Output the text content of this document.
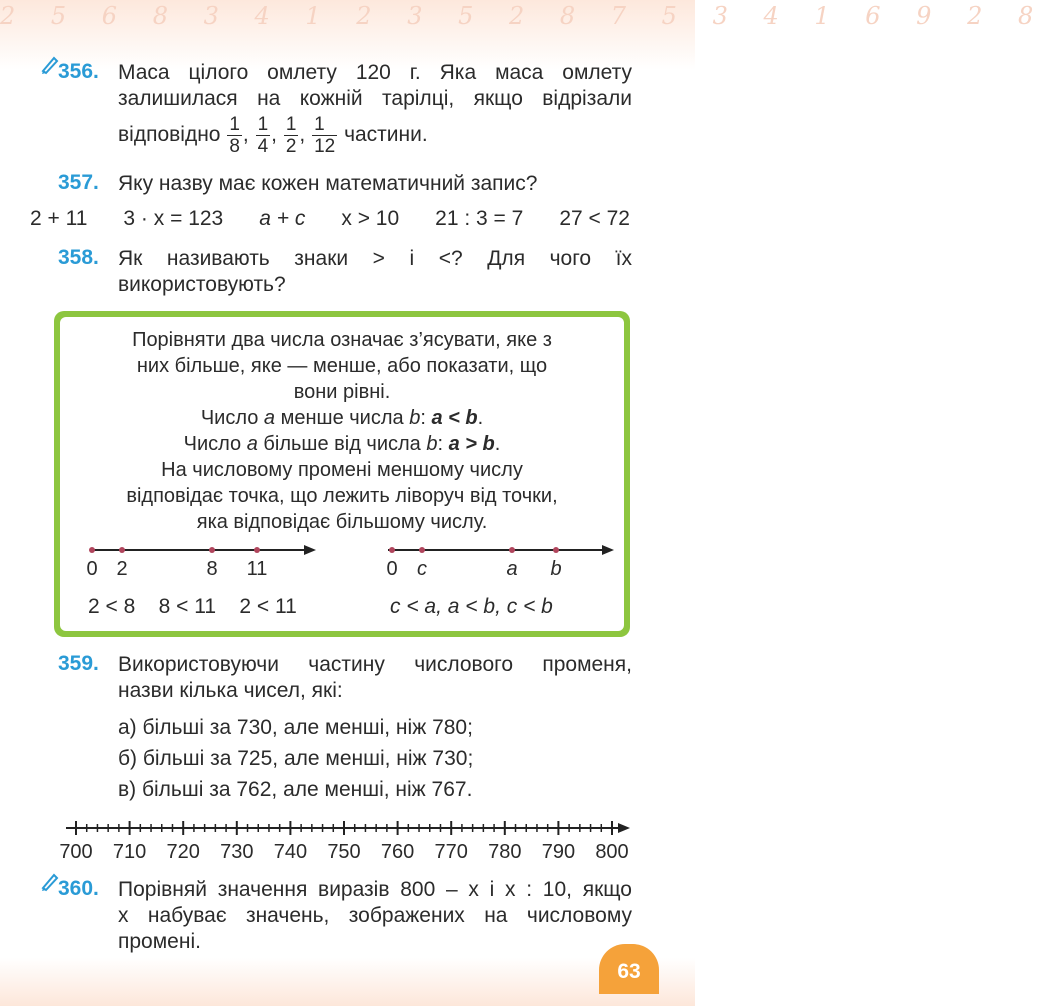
2 5 6 8 3 4 1 2 3 5 2 8 7 5 3 4 1 6 9 2 8
356. Маса цілого омлету 120 г. Яка маса омлету
залишилася на кожній тарілці, якщо відрізали
відповідно $\frac{1}{8}$ , $\frac{1}{4}$ , $\frac{1}{2}$ , $\frac{1}{12}$ частини.
357. Яку назву має кожен математичний запис?
2 + 11 3 · x = 123 a + c x > 10 21 : 3 = 7 27 < 72
358. Як називають знаки > і <? Для чого їх
використовують?
Порівняти два числа означає з’ясувати, яке з
них більше, яке — менше, або показати, що
вони рівні.
Число a менше числа b: a < b.
Число a більше від числа b: a > b.
На числовому промені меншому числу
відповідає точка, що лежить ліворуч від точки,
яка відповідає більшому числу.
0 2	8 11	0 c	a b
2 < 8    8 < 11    2 < 11	c < a, a < b, c < b
359. Використовуючи частину числового променя,
назви кілька чисел, які:
а) більші за 730, але менші, ніж 780;
б) більші за 725, але менші, ніж 730;
в) більші за 762, але менші, ніж 767.
700 710 720 730 740 750 760 770 780 790 800
360. Порівняй значення виразів 800 – x і x : 10, якщо
x набуває значень, зображених на числовому
промені.
63
